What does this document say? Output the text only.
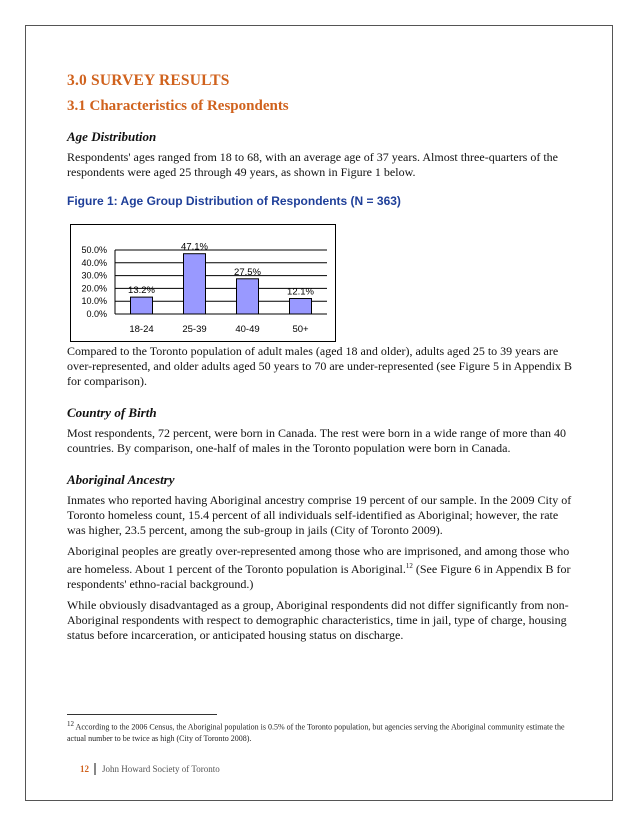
3.0 SURVEY RESULTS
3.1 Characteristics of Respondents
Age Distribution

Respondents' ages ranged from 18 to 68, with an average age of 37 years. Almost three-quarters of the respondents were aged 25 through 49 years, as shown in Figure 1 below.

Figure 1: Age Group Distribution of Respondents (N = 363)

Compared to the Toronto population of adult males (aged 18 and older), adults aged 25 to 39 years are over-represented, and older adults aged 50 years to 70 are under-represented (see Figure 5 in Appendix B for comparison).

Country of Birth

Most respondents, 72 percent, were born in Canada. The rest were born in a wide range of more than 40 countries. By comparison, one-half of males in the Toronto population were born in Canada.

Aboriginal Ancestry

Inmates who reported having Aboriginal ancestry comprise 19 percent of our sample. In the 2009 City of Toronto homeless count, 15.4 percent of all individuals self-identified as Aboriginal; however, the rate was higher, 23.5 percent, among the sub-group in jails (City of Toronto 2009).

Aboriginal peoples are greatly over-represented among those who are imprisoned, and among those who are homeless. About 1 percent of the Toronto population is Aboriginal.$^{12}$ (See Figure 6 in Appendix B for respondents' ethno-racial background.)

While obviously disadvantaged as a group, Aboriginal respondents did not differ significantly from non-Aboriginal respondents with respect to demographic characteristics, time in jail, type of charge, housing status before incarceration, or anticipated housing status on discharge.

0.0%
10.0%
20.0%
30.0%
40.0%
50.0%
13.2%
18-24
47.1%
25-39
27.5%
40-49
12.1%
50+
$^{12}$ According to the 2006 Census, the Aboriginal population is 0.5% of the Toronto population, but agencies serving the Aboriginal community estimate the actual number to be twice as high (City of Toronto 2008).
12 John Howard Society of Toronto
